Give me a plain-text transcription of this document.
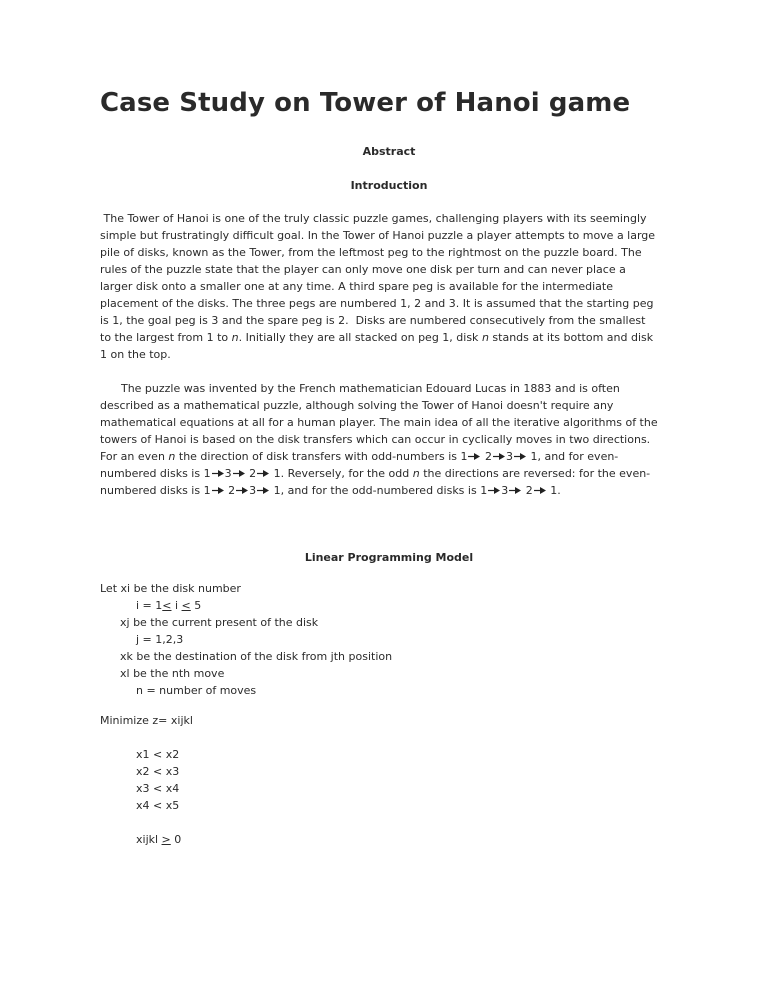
Case Study on Tower of Hanoi game

Abstract

Introduction

The Tower of Hanoi is one of the truly classic puzzle games, challenging players with its seemingly
simple but frustratingly difficult goal. In the Tower of Hanoi puzzle a player attempts to move a large
pile of disks, known as the Tower, from the leftmost peg to the rightmost on the puzzle board. The
rules of the puzzle state that the player can only move one disk per turn and can never place a
larger disk onto a smaller one at any time. A third spare peg is available for the intermediate
placement of the disks. The three pegs are numbered 1, 2 and 3. It is assumed that the starting peg
is 1, the goal peg is 3 and the spare peg is 2.  Disks are numbered consecutively from the smallest
to the largest from 1 to n. Initially they are all stacked on peg 1, disk n stands at its bottom and disk
1 on the top.
The puzzle was invented by the French mathematician Edouard Lucas in 1883 and is often
described as a mathematical puzzle, although solving the Tower of Hanoi doesn't require any
mathematical equations at all for a human player. The main idea of all the iterative algorithms of the
towers of Hanoi is based on the disk transfers which can occur in cyclically moves in two directions.
For an even n the direction of disk transfers with odd-numbers is 1
2 3
1, and for even-
numbered disks is 1 3
2
1. Reversely, for the odd n the directions are reversed: for the even-
numbered disks is 1
2 3
1, and for the odd-numbered disks is 1 3
2
1.

Linear Programming Model

Let xi be the disk number
i = 1≤ i ≤ 5
xj be the current present of the disk
j = 1,2,3
xk be the destination of the disk from jth position
xl be the nth move
n = number of moves
Minimize z= xijkl
x1 < x2
x2 < x3
x3 < x4
x4 < x5
xijkl ≥ 0
